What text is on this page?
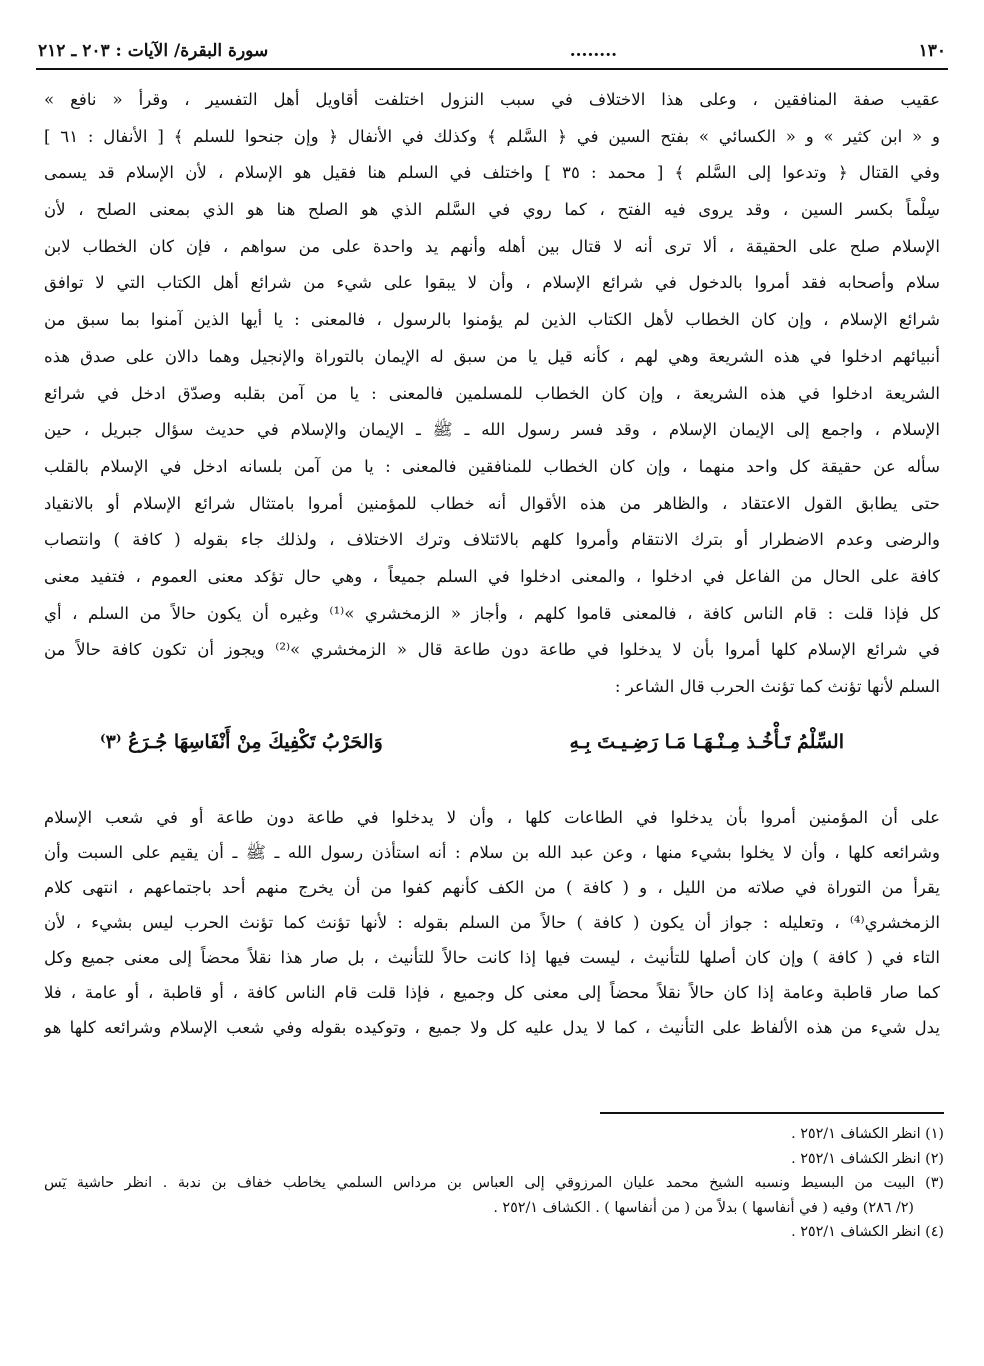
١٣٠
........
سورة البقرة/ الآيات : ٢٠٣ ـ ٢١٢
عقيب صفة المنافقين ، وعلى هذا الاختلاف في سبب النزول اختلفت أقاويل أهل التفسير ، وقرأ « نافع »
و « ابن كثير » و « الكسائي » بفتح السين في ﴿ السَّلم ﴾ وكذلك في الأنفال ﴿ وإن جنحوا للسلم ﴾ [ الأنفال : ٦١ ]
وفي القتال ﴿ وتدعوا إلى السَّلم ﴾ [ محمد : ٣٥ ] واختلف في السلم هنا فقيل هو الإسلام ، لأن الإسلام قد يسمى
سِلْماً بكسر السين ، وقد يروى فيه الفتح ، كما روي في السَّلم الذي هو الصلح هنا هو الذي بمعنى الصلح ، لأن
الإسلام صلح على الحقيقة ، ألا ترى أنه لا قتال بين أهله وأنهم يد واحدة على من سواهم ، فإن كان الخطاب لابن
سلام وأصحابه فقد أمروا بالدخول في شرائع الإسلام ، وأن لا يبقوا على شيء من شرائع أهل الكتاب التي لا توافق
شرائع الإسلام ، وإن كان الخطاب لأهل الكتاب الذين لم يؤمنوا بالرسول ، فالمعنى : يا أيها الذين آمنوا بما سبق من
أنبيائهم ادخلوا في هذه الشريعة وهي لهم ، كأنه قيل يا من سبق له الإيمان بالتوراة والإنجيل وهما دالان على صدق هذه
الشريعة ادخلوا في هذه الشريعة ، وإن كان الخطاب للمسلمين فالمعنى : يا من آمن بقلبه وصدّق ادخل في شرائع
الإسلام ، واجمع إلى الإيمان الإسلام ، وقد فسر رسول الله ـ ﷺ ـ الإيمان والإسلام في حديث سؤال جبريل ، حين
سأله عن حقيقة كل واحد منهما ، وإن كان الخطاب للمنافقين فالمعنى : يا من آمن بلسانه ادخل في الإسلام بالقلب
حتى يطابق القول الاعتقاد ، والظاهر من هذه الأقوال أنه خطاب للمؤمنين أمروا بامتثال شرائع الإسلام أو بالانقياد
والرضى وعدم الاضطرار أو بترك الانتقام وأمروا كلهم بالائتلاف وترك الاختلاف ، ولذلك جاء بقوله ( كافة ) وانتصاب
كافة على الحال من الفاعل في ادخلوا ، والمعنى ادخلوا في السلم جميعاً ، وهي حال تؤكد معنى العموم ، فتفيد معنى
كل فإذا قلت : قام الناس كافة ، فالمعنى قاموا كلهم ، وأجاز « الزمخشري »⁽¹⁾ وغيره أن يكون حالاً من السلم ، أي
في شرائع الإسلام كلها أمروا بأن لا يدخلوا في طاعة دون طاعة قال « الزمخشري »⁽²⁾ ويجوز أن تكون كافة حالاً من
السلم لأنها تؤنث كما تؤنث الحرب قال الشاعر :
السِّلْمُ تَـأْخُـذ مِـنْـهَـا مَـا رَضِـيـتَ بِـهِ
وَالحَرْبُ تَكْفِيكَ مِنْ أَنْفَاسِهَا جُـرَعُ ⁽٣⁾
على أن المؤمنين أمروا بأن يدخلوا في الطاعات كلها ، وأن لا يدخلوا في طاعة دون طاعة أو في شعب الإسلام
وشرائعه كلها ، وأن لا يخلوا بشيء منها ، وعن عبد الله بن سلام : أنه استأذن رسول الله ـ ﷺ ـ أن يقيم على السبت وأن
يقرأ من التوراة في صلاته من الليل ، و ( كافة ) من الكف كأنهم كفوا من أن يخرج منهم أحد باجتماعهم ، انتهى كلام
الزمخشري⁽⁴⁾ ، وتعليله : جواز أن يكون ( كافة ) حالاً من السلم بقوله : لأنها تؤنث كما تؤنث الحرب ليس بشيء ، لأن
التاء في ( كافة ) وإن كان أصلها للتأنيث ، ليست فيها إذا كانت حالاً للتأنيث ، بل صار هذا نقلاً محضاً إلى معنى جميع وكل
كما صار قاطبة وعامة إذا كان حالاً نقلاً محضاً إلى معنى كل وجميع ، فإذا قلت قام الناس كافة ، أو قاطبة ، أو عامة ، فلا
يدل شيء من هذه الألفاظ على التأنيث ، كما لا يدل عليه كل ولا جميع ، وتوكيده بقوله وفي شعب الإسلام وشرائعه كلها هو
(١) انظر الكشاف ٢٥٢/١ .
(٢) انظر الكشاف ٢٥٢/١ .
(٣) البيت من البسيط ونسبه الشيخ محمد عليان المرزوقي إلى العباس بن مرداس السلمي يخاطب خفاف بن ندبة . انظر حاشية يٓس
(٢/ ٢٨٦) وفيه ( في أنفاسها ) بدلاً من ( من أنفاسها ) . الكشاف ٢٥٢/١ .
(٤) انظر الكشاف ٢٥٢/١ .
